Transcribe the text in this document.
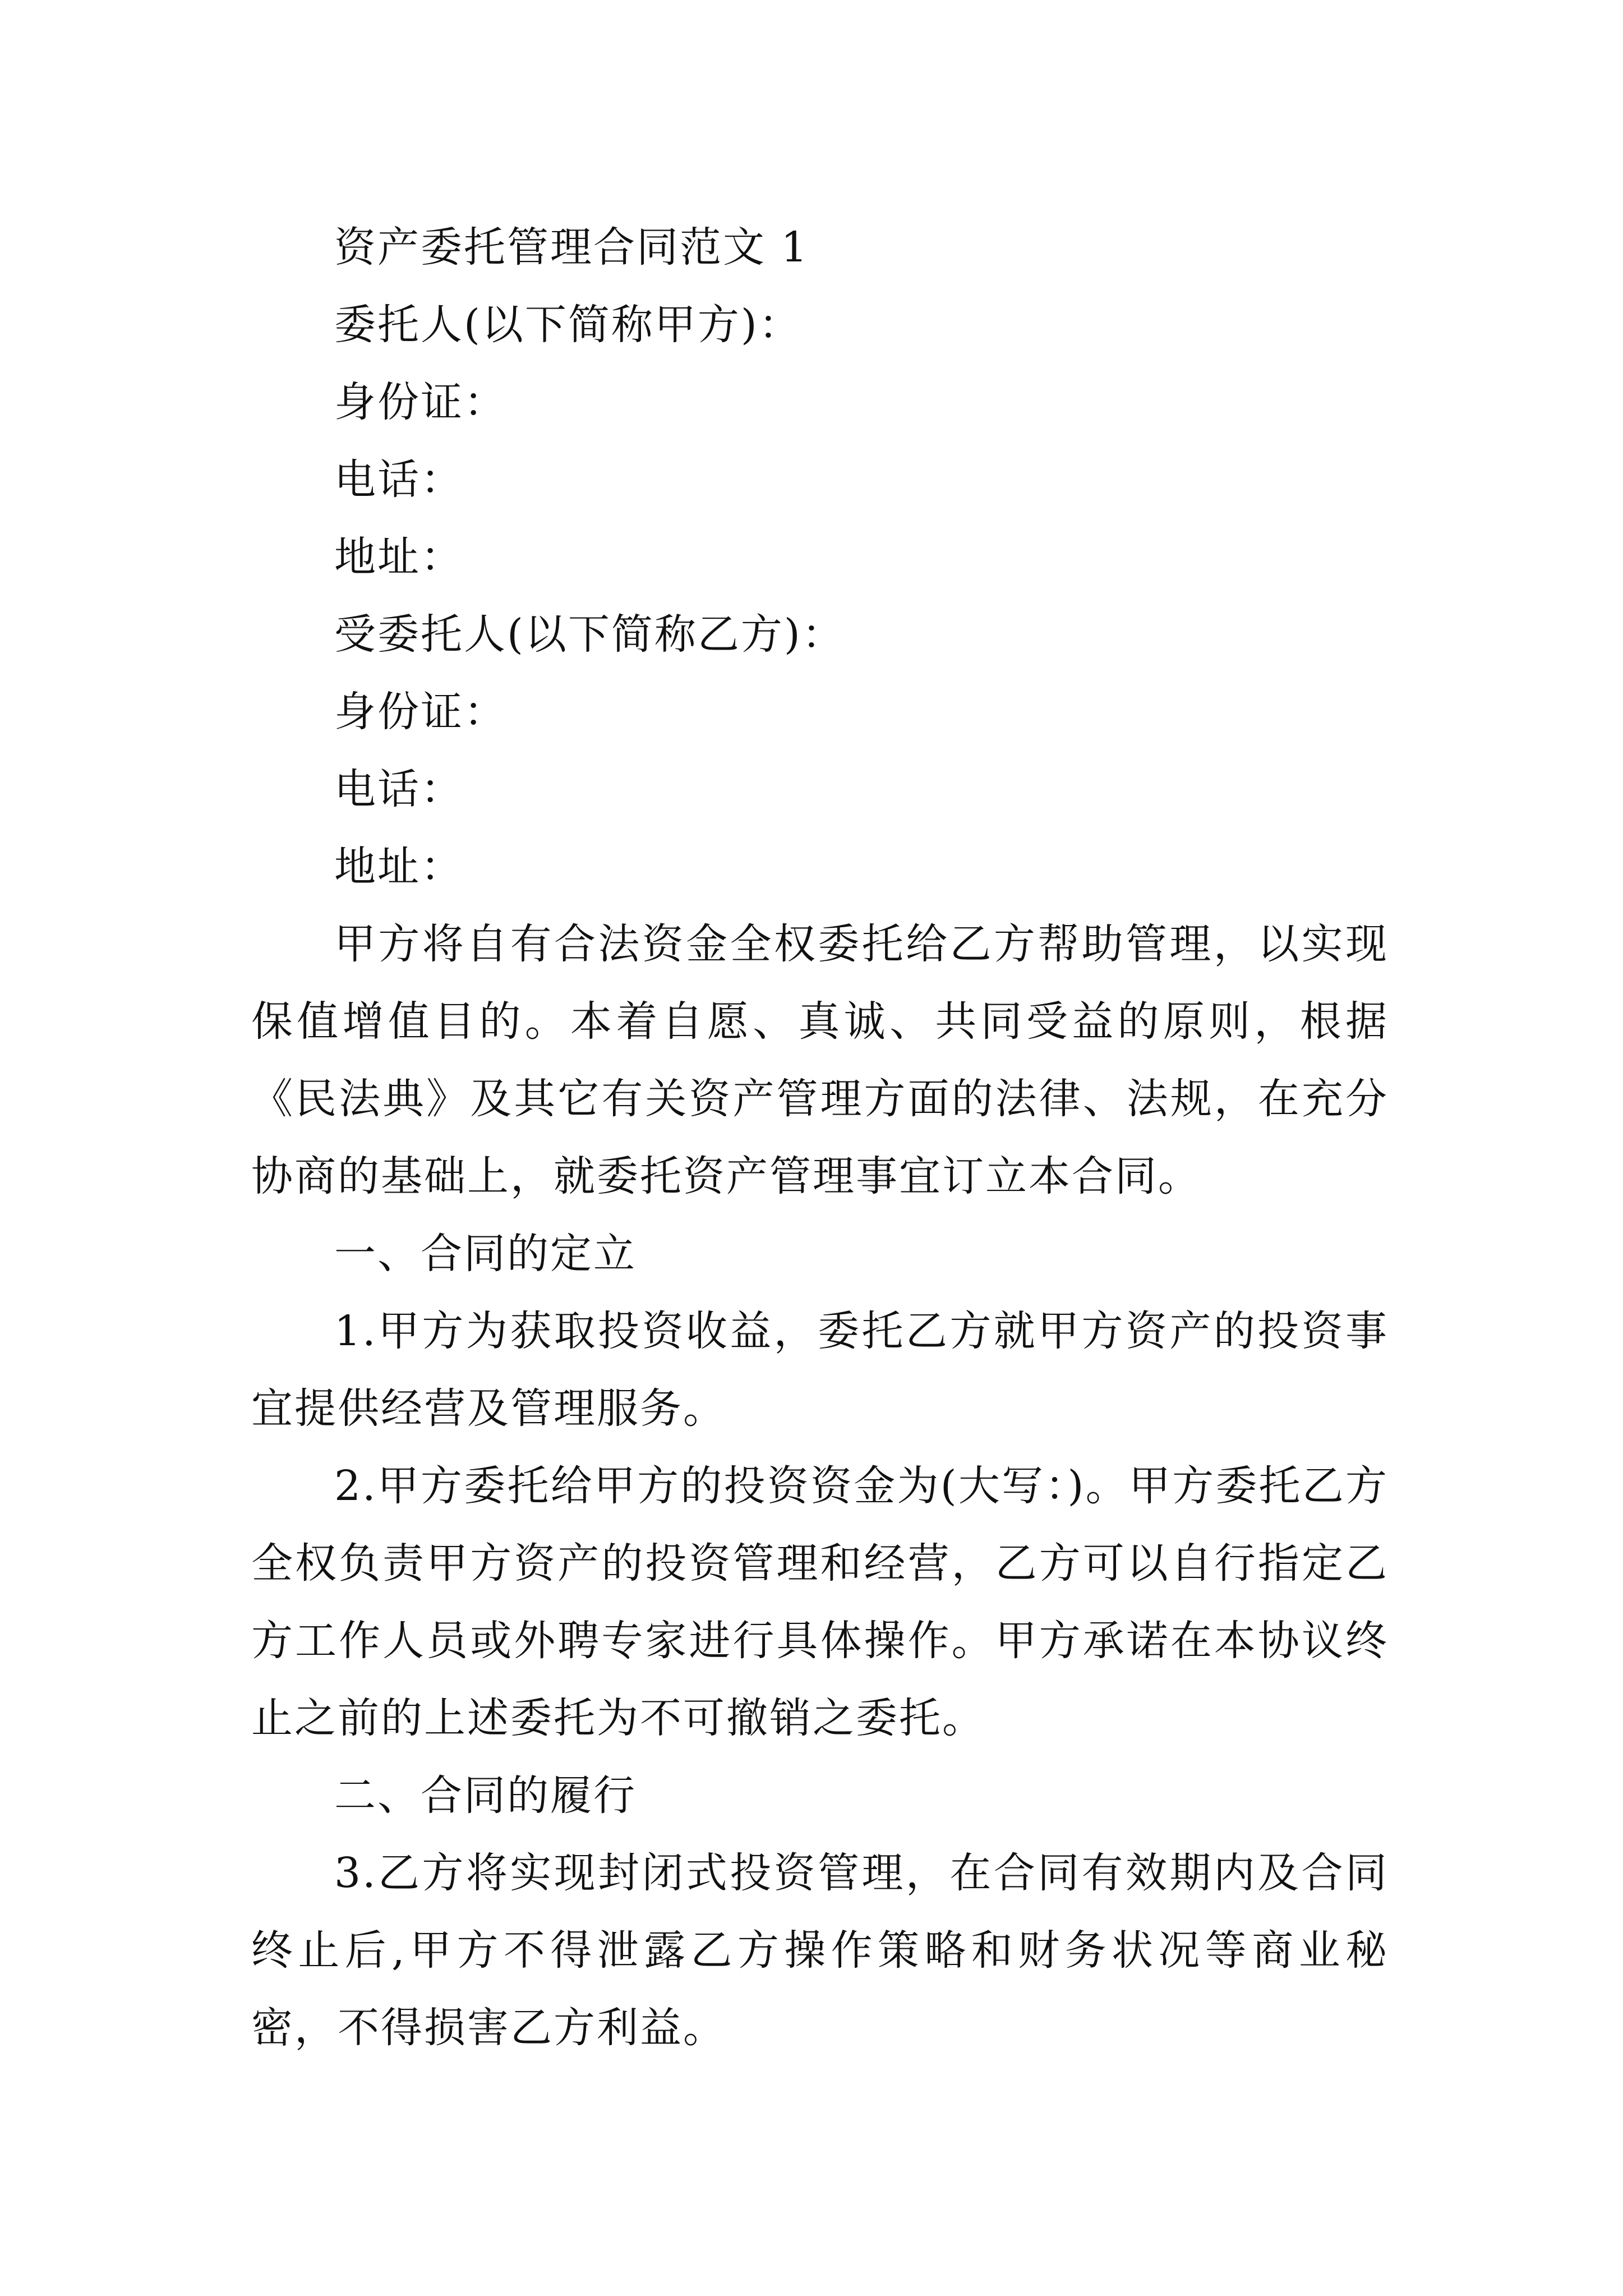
资产委托管理合同范文 1

委托人(以下简称甲方)：

身份证：

电话：

地址：

受委托人(以下简称乙方)：

身份证：

电话：

地址：

甲方将自有合法资金全权委托给乙方帮助管理，以实现保值增值目的。本着自愿、真诚、共同受益的原则，根据《民法典》及其它有关资产管理方面的法律、法规，在充分协商的基础上，就委托资产管理事宜订立本合同。

一、合同的定立

1.甲方为获取投资收益，委托乙方就甲方资产的投资事宜提供经营及管理服务。

2.甲方委托给甲方的投资资金为(大写：)。甲方委托乙方全权负责甲方资产的投资管理和经营，乙方可以自行指定乙方工作人员或外聘专家进行具体操作。甲方承诺在本协议终止之前的上述委托为不可撤销之委托。

二、合同的履行

3.乙方将实现封闭式投资管理，在合同有效期内及合同终止后,甲方不得泄露乙方操作策略和财务状况等商业秘密，不得损害乙方利益。
